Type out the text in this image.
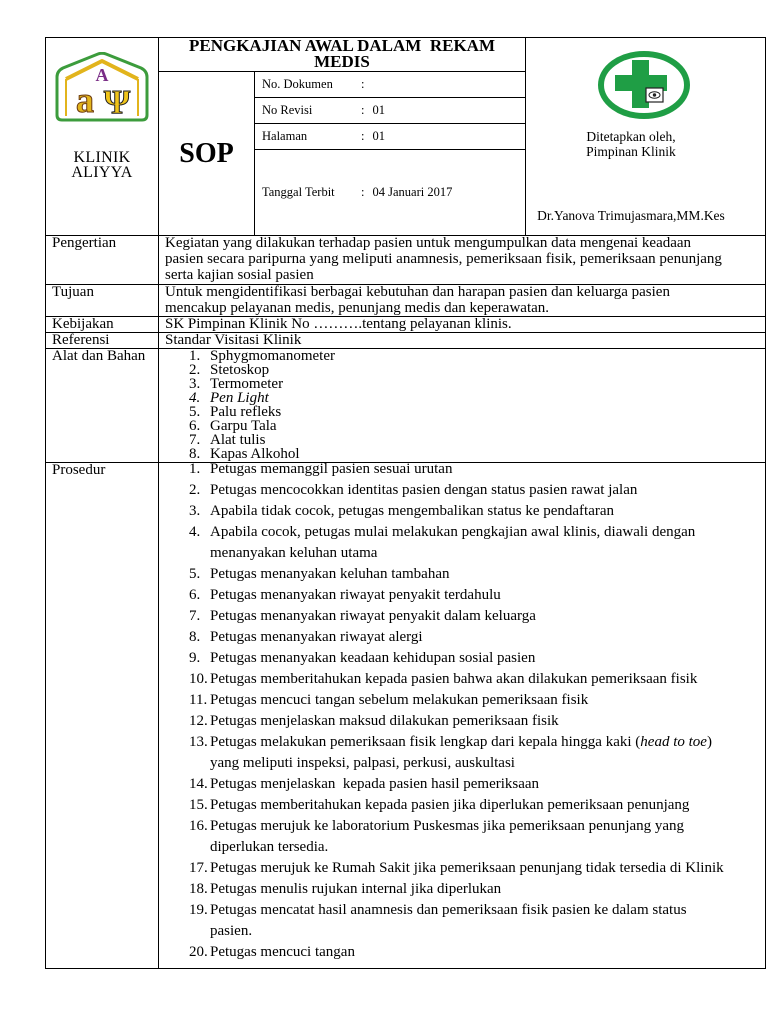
A
a Ψ
KLINIK
ALIYYA
PENGKAJIAN AWAL DALAM  REKAM MEDIS
Ditetapkan oleh,
Pimpinan Klinik
Dr.Yanova Trimujasmara,MM.Kes
SOP
No. Dokumen	:
No Revisi	: 01
Halaman	: 01
Tanggal Terbit	: 04 Januari 2017
Pengertian	Kegiatan yang dilakukan terhadap pasien untuk mengumpulkan data mengenai keadaan
pasien secara paripurna yang meliputi anamnesis, pemeriksaan fisik, pemeriksaan penunjang
serta kajian sosial pasien
Tujuan	Untuk mengidentifikasi berbagai kebutuhan dan harapan pasien dan keluarga pasien
mencakup pelayanan medis, penunjang medis dan keperawatan.
Kebijakan	SK Pimpinan Klinik No ……….tentang pelayanan klinis.
Referensi	Standar Visitasi Klinik
Alat dan Bahan	1. Sphygmomanometer
2. Stetoskop
3. Termometer
4. Pen Light
5. Palu refleks
6. Garpu Tala
7. Alat tulis
8. Kapas Alkohol
Prosedur	1. Petugas memanggil pasien sesuai urutan
2. Petugas mencocokkan identitas pasien dengan status pasien rawat jalan
3. Apabila tidak cocok, petugas mengembalikan status ke pendaftaran
4. Apabila cocok, petugas mulai melakukan pengkajian awal klinis, diawali dengan
menanyakan keluhan utama
5. Petugas menanyakan keluhan tambahan
6. Petugas menanyakan riwayat penyakit terdahulu
7. Petugas menanyakan riwayat penyakit dalam keluarga
8. Petugas menanyakan riwayat alergi
9. Petugas menanyakan keadaan kehidupan sosial pasien
10. Petugas memberitahukan kepada pasien bahwa akan dilakukan pemeriksaan fisik
11. Petugas mencuci tangan sebelum melakukan pemeriksaan fisik
12. Petugas menjelaskan maksud dilakukan pemeriksaan fisik
13. Petugas melakukan pemeriksaan fisik lengkap dari kepala hingga kaki (head to toe)
yang meliputi inspeksi, palpasi, perkusi, auskultasi
14. Petugas menjelaskan  kepada pasien hasil pemeriksaan
15. Petugas memberitahukan kepada pasien jika diperlukan pemeriksaan penunjang
16. Petugas merujuk ke laboratorium Puskesmas jika pemeriksaan penunjang yang
diperlukan tersedia.
17. Petugas merujuk ke Rumah Sakit jika pemeriksaan penunjang tidak tersedia di Klinik
18. Petugas menulis rujukan internal jika diperlukan
19. Petugas mencatat hasil anamnesis dan pemeriksaan fisik pasien ke dalam status
pasien.
20. Petugas mencuci tangan
